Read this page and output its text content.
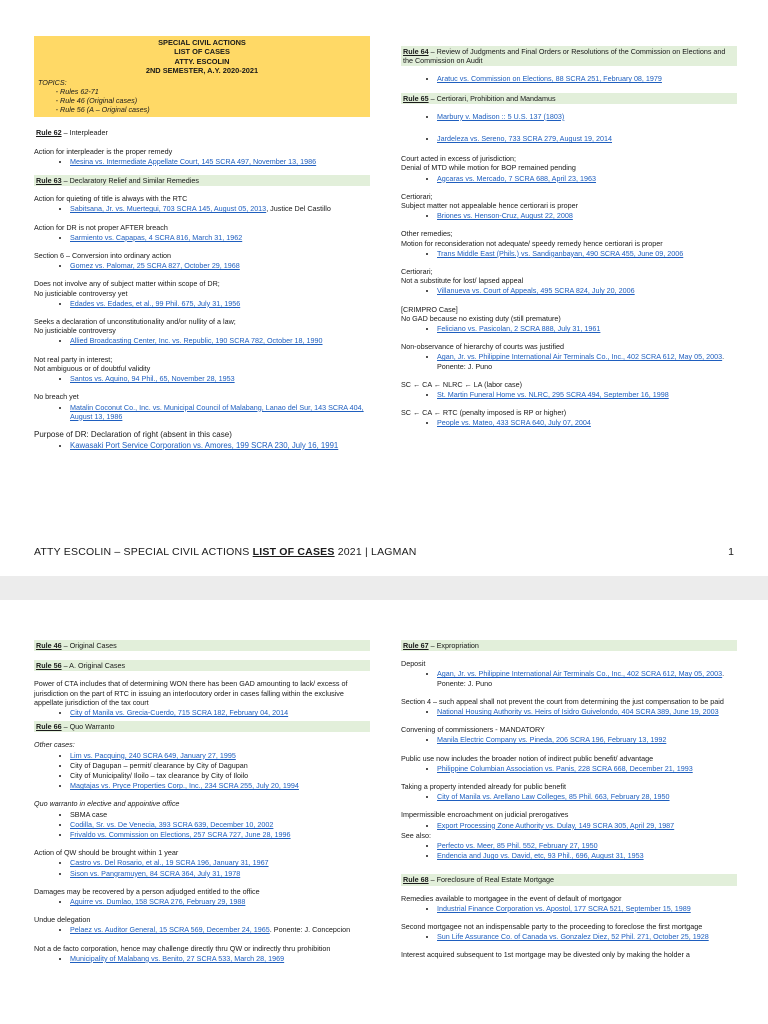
SPECIAL CIVIL ACTIONS
LIST OF CASES
ATTY. ESCOLIN
2ND SEMESTER, A.Y. 2020-2021
TOPICS:
- Rules 62-71
- Rule 46 (Original cases)
- Rule 56 (A – Original cases)
Rule 62 – Interpleader

Action for interpleader is the proper remedy

• Mesina vs. Intermediate Appellate Court, 145 SCRA 497, November 13, 1986
Rule 63 – Declaratory Relief and Similar Remedies

Action for quieting of title is always with the RTC

• Sabitsana, Jr. vs. Muertegui, 703 SCRA 145, August 05, 2013, Justice Del Castillo

Action for DR is not proper AFTER breach

• Sarmiento vs. Capapas, 4 SCRA 816, March 31, 1962

Section 6 – Conversion into ordinary action

• Gomez vs. Palomar, 25 SCRA 827, October 29, 1968

Does not involve any of subject matter within scope of DR;

No justiciable controversy yet

• Edades vs. Edades, et al., 99 Phil. 675, July 31, 1956

Seeks a declaration of unconstitutionality and/or nullity of a law;

No justiciable controversy

• Allied Broadcasting Center, Inc. vs. Republic, 190 SCRA 782, October 18, 1990

Not real party in interest;

Not ambiguous or of doubtful validity

• Santos vs. Aquino, 94 Phil., 65, November 28, 1953

No breach yet

• Matalin Coconut Co., Inc. vs. Municipal Council of Malabang, Lanao del Sur, 143 SCRA 404, August 13, 1986

Purpose of DR: Declaration of right (absent in this case)

• Kawasaki Port Service Corporation vs. Amores, 199 SCRA 230, July 16, 1991
Rule 64 – Review of Judgments and Final Orders or Resolutions of the Commission on Elections and the Commission on Audit
• Aratuc vs. Commission on Elections, 88 SCRA 251, February 08, 1979
Rule 65 – Certiorari, Prohibition and Mandamus
• Marbury v. Madison :: 5 U.S. 137 (1803)
• Jardeleza vs. Sereno, 733 SCRA 279, August 19, 2014

Court acted in excess of jurisdiction;

Denial of MTD while motion for BOP remained pending

• Agcaras vs. Mercado, 7 SCRA 688, April 23, 1963

Certiorari;

Subject matter not appealable hence certiorari is proper

• Briones vs. Henson-Cruz, August 22, 2008

Other remedies;

Motion for reconsideration not adequate/ speedy remedy hence certiorari is proper

• Trans Middle East (Phils.) vs. Sandiganbayan, 490 SCRA 455, June 09, 2006

Certiorari;

Not a substitute for lost/ lapsed appeal

• Villanueva vs. Court of Appeals, 495 SCRA 824, July 20, 2006

[CRIMPRO Case]

No GAD because no existing duty (still premature)

• Feliciano vs. Pasicolan, 2 SCRA 888, July 31, 1961

Non-observance of hierarchy of courts was justified

• Agan, Jr. vs. Philippine International Air Terminals Co., Inc., 402 SCRA 612, May 05, 2003. Ponente: J. Puno

SC ← CA ← NLRC ← LA (labor case)

• St. Martin Funeral Home vs. NLRC, 295 SCRA 494, September 16, 1998

SC ← CA ← RTC (penalty imposed is RP or higher)

• People vs. Mateo, 433 SCRA 640, July 07, 2004
ATTY ESCOLIN – SPECIAL CIVIL ACTIONS LIST OF CASES 2021 | LAGMAN	1
Rule 46 – Original Cases
Rule 56 – A. Original Cases

Power of CTA includes that of determining WON there has been GAD amounting to lack/ excess of jurisdiction on the part of RTC in issuing an interlocutory order in cases falling within the exclusive appellate jurisdiction of the tax court

• City of Manila vs. Grecia-Cuerdo, 715 SCRA 182, February 04, 2014
Rule 66 – Quo Warranto

Other cases:

• Lim vs. Pacquing, 240 SCRA 649, January 27, 1995
• City of Dagupan – permit/ clearance by City of Dagupan
• City of Municipality/ Iloilo – tax clearance by City of Iloilo
• Magtajas vs. Pryce Properties Corp., Inc., 234 SCRA 255, July 20, 1994

Quo warranto in elective and appointive office

• SBMA case
• Codilla, Sr. vs. De Venecia, 393 SCRA 639, December 10, 2002
• Frivaldo vs. Commission on Elections, 257 SCRA 727, June 28, 1996

Action of QW should be brought within 1 year

• Castro vs. Del Rosario, et al., 19 SCRA 196, January 31, 1967
• Sison vs. Pangramuyen, 84 SCRA 364, July 31, 1978

Damages may be recovered by a person adjudged entitled to the office

• Aguirre vs. Dumlao, 158 SCRA 276, February 29, 1988

Undue delegation

• Pelaez vs. Auditor General, 15 SCRA 569, December 24, 1965. Ponente: J. Concepcion

Not a de facto corporation, hence may challenge directly thru QW or indirectly thru prohibition

• Municipality of Malabang vs. Benito, 27 SCRA 533, March 28, 1969
Rule 67 – Expropriation

Deposit

• Agan, Jr. vs. Philippine International Air Terminals Co., Inc., 402 SCRA 612, May 05, 2003. Ponente: J. Puno

Section 4 – such appeal shall not prevent the court from determining the just compensation to be paid

• National Housing Authority vs. Heirs of Isidro Guivelondo, 404 SCRA 389, June 19, 2003

Convening of commissioners - MANDATORY

• Manila Electric Company vs. Pineda, 206 SCRA 196, February 13, 1992

Public use now includes the broader notion of indirect public benefit/ advantage

• Philippine Columbian Association vs. Panis, 228 SCRA 668, December 21, 1993

Taking a property intended already for public benefit

• City of Manila vs. Arellano Law Colleges, 85 Phil. 663, February 28, 1950

Impermissible encroachment on judicial prerogatives

• Export Processing Zone Authority vs. Dulay, 149 SCRA 305, April 29, 1987

See also:

• Perfecto vs. Meer, 85 Phil. 552, February 27, 1950
• Endencia and Jugo vs. David, etc, 93 Phil., 696, August 31, 1953
Rule 68 – Foreclosure of Real Estate Mortgage

Remedies available to mortgagee in the event of default of mortgagor

• Industrial Finance Corporation vs. Apostol, 177 SCRA 521, September 15, 1989

Second mortgagee not an indispensable party to the proceeding to foreclose the first mortgage

• Sun Life Assurance Co. of Canada vs. Gonzalez Diez, 52 Phil. 271, October 25, 1928

Interest acquired subsequent to 1st mortgage may be divested only by making the holder a
